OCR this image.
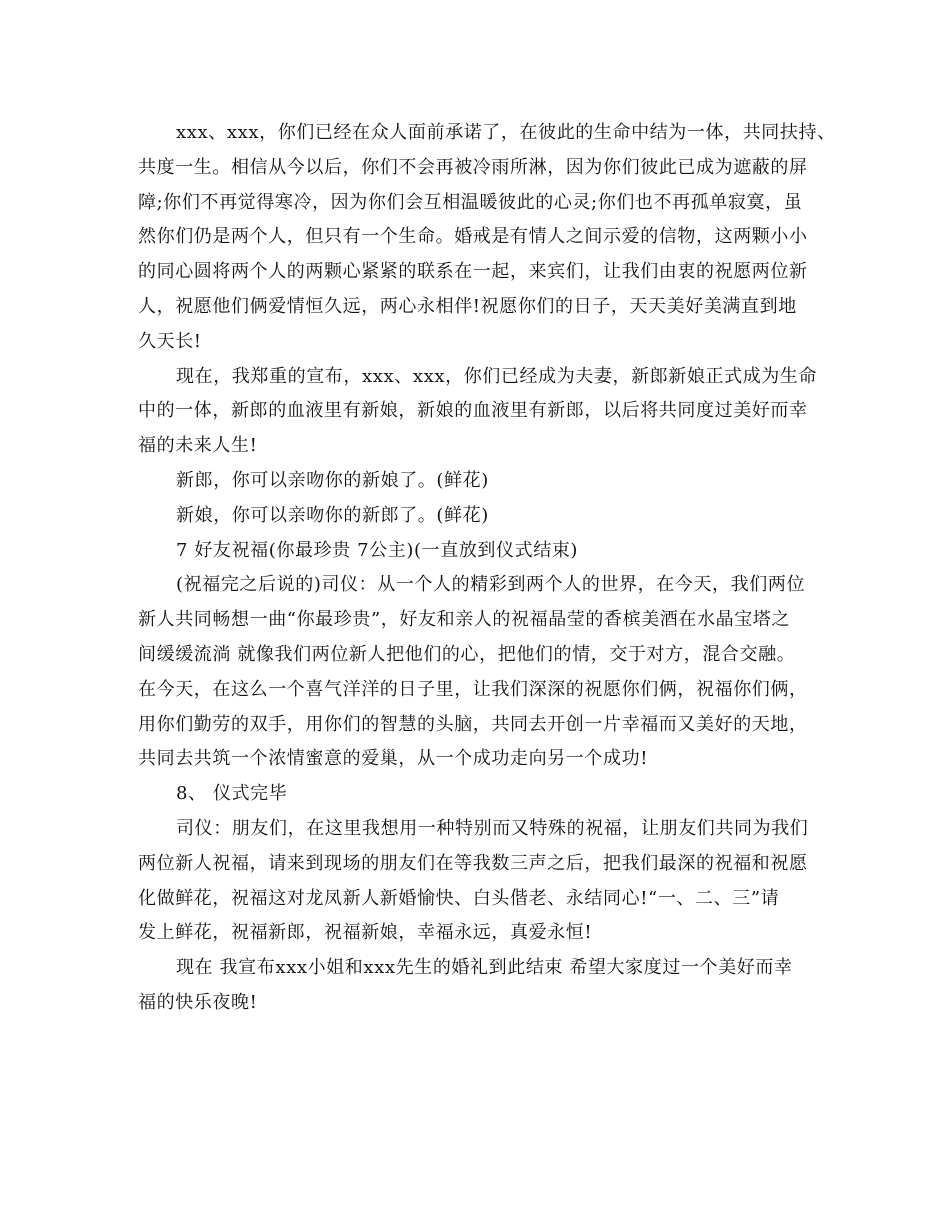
xxx、xxx，你们已经在众人面前承诺了，在彼此的生命中结为一体，共同扶持、
共度一生。相信从今以后，你们不会再被冷雨所淋，因为你们彼此已成为遮蔽的屏
障;你们不再觉得寒冷，因为你们会互相温暖彼此的心灵;你们也不再孤单寂寞，虽
然你们仍是两个人，但只有一个生命。婚戒是有情人之间示爱的信物，这两颗小小
的同心圆将两个人的两颗心紧紧的联系在一起，来宾们，让我们由衷的祝愿两位新
人，祝愿他们俩爱情恒久远，两心永相伴!祝愿你们的日子，天天美好美满直到地
久天长!
现在，我郑重的宣布，xxx、xxx，你们已经成为夫妻，新郎新娘正式成为生命
中的一体，新郎的血液里有新娘，新娘的血液里有新郎，以后将共同度过美好而幸
福的未来人生!
新郎，你可以亲吻你的新娘了。(鲜花)
新娘，你可以亲吻你的新郎了。(鲜花)
7 好友祝福(你最珍贵 7公主)(一直放到仪式结束)
(祝福完之后说的)司仪：从一个人的精彩到两个人的世界，在今天，我们两位
新人共同畅想一曲“你最珍贵”，好友和亲人的祝福晶莹的香槟美酒在水晶宝塔之
间缓缓流淌 就像我们两位新人把他们的心，把他们的情，交于对方，混合交融。
在今天，在这么一个喜气洋洋的日子里，让我们深深的祝愿你们俩，祝福你们俩，
用你们勤劳的双手，用你们的智慧的头脑，共同去开创一片幸福而又美好的天地，
共同去共筑一个浓情蜜意的爱巢，从一个成功走向另一个成功!
8、 仪式完毕
司仪：朋友们，在这里我想用一种特别而又特殊的祝福，让朋友们共同为我们
两位新人祝福，请来到现场的朋友们在等我数三声之后，把我们最深的祝福和祝愿
化做鲜花，祝福这对龙凤新人新婚愉快、白头偕老、永结同心!“一、二、三”请
发上鲜花，祝福新郎，祝福新娘，幸福永远，真爱永恒!
现在 我宣布xxx小姐和xxx先生的婚礼到此结束 希望大家度过一个美好而幸
福的快乐夜晚!
